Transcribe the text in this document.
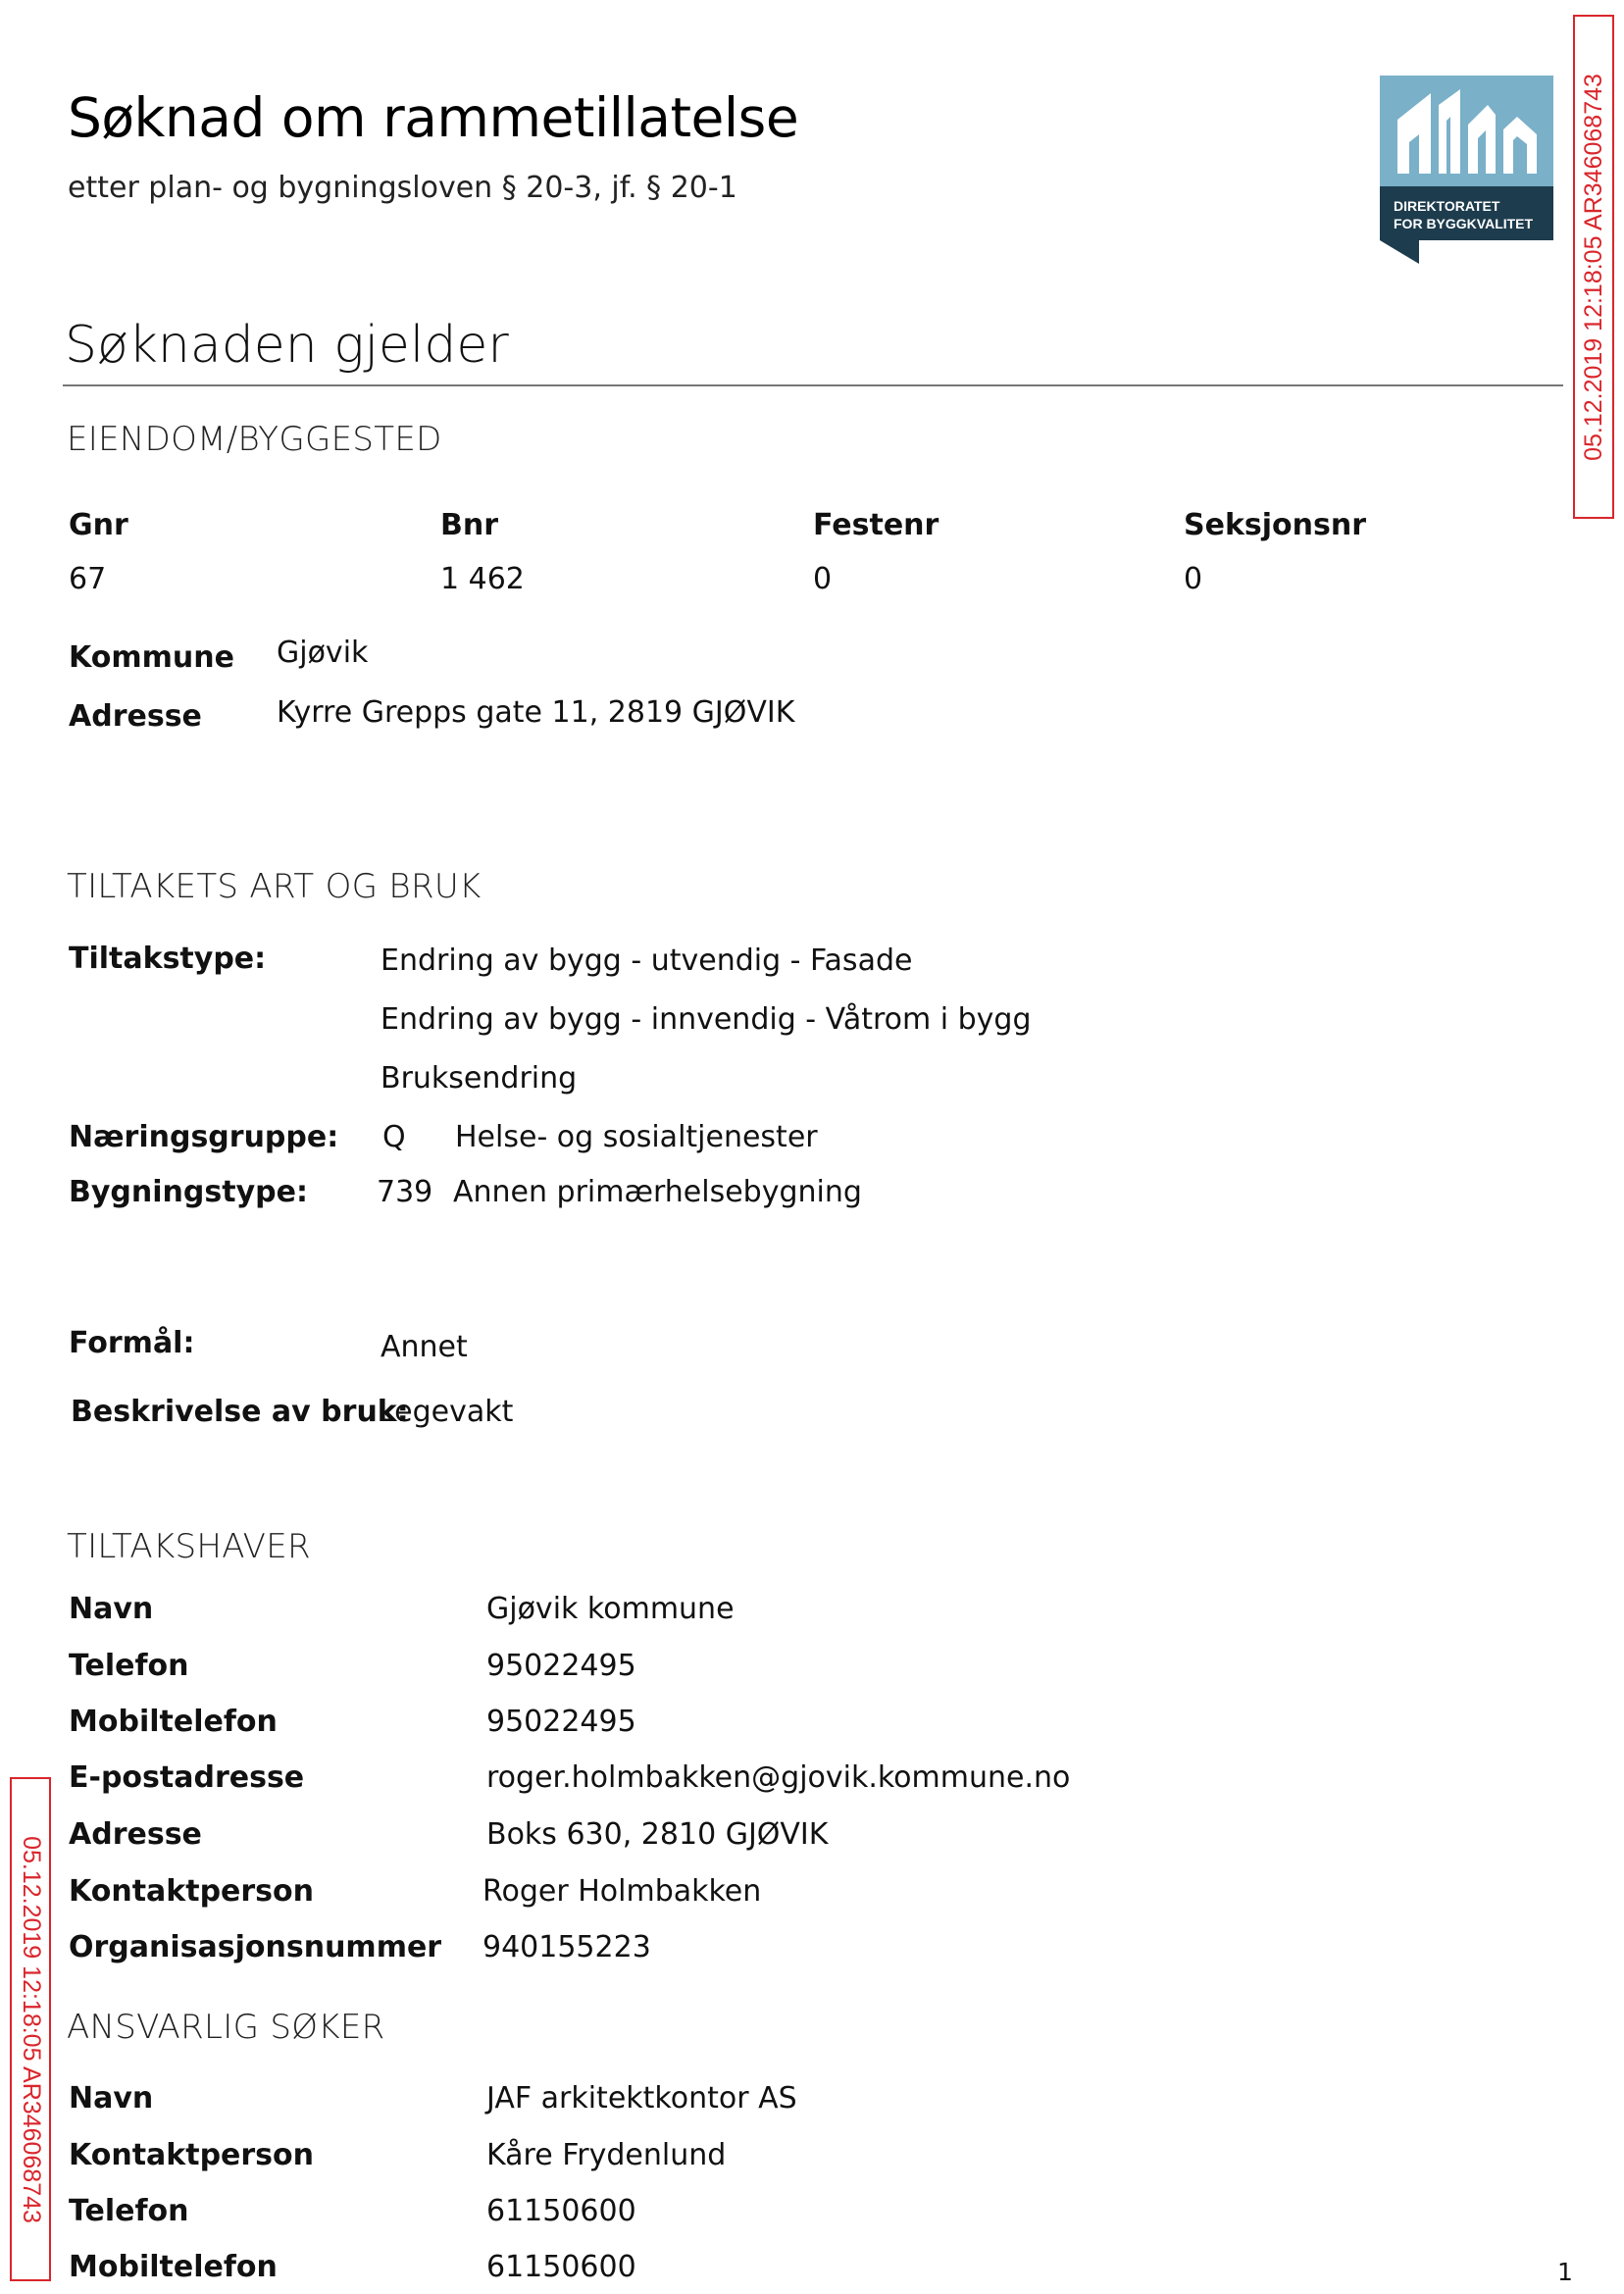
Søknad om rammetillatelse
etter plan- og bygningsloven § 20-3, jf. § 20-1
DIREKTORATET
FOR BYGGKVALITET 05.12.2019 12:18:05 AR346068743
05.12.2019 12:18:05 AR346068743
Søknaden gjelder
EIENDOM/BYGGESTED
Gnr
67
Bnr
1 462
Festenr
0
Seksjonsnr
0
Kommune Gjøvik
Adresse	Kyrre Grepps gate 11, 2819 GJØVIK
TILTAKETS ART OG BRUK
Tiltakstype:	Endring av bygg - utvendig - Fasade
Endring av bygg - innvendig - Våtrom i bygg
Bruksendring
Næringsgruppe: Q Helse- og sosialtjenester
Bygningstype: 739 Annen primærhelsebygning
Formål:	Annet
Beskrivelse av bruk:
Legevakt
TILTAKSHAVER
Navn	Gjøvik kommune
Telefon	95022495
Mobiltelefon	95022495
E-postadresse	roger.holmbakken@gjovik.kommune.no
Adresse	Boks 630, 2810 GJØVIK
Kontaktperson	Roger Holmbakken
Organisasjonsnummer 940155223
ANSVARLIG SØKER
Navn	JAF arkitektkontor AS
Kontaktperson	Kåre Frydenlund
Telefon	61150600
Mobiltelefon	61150600	1
